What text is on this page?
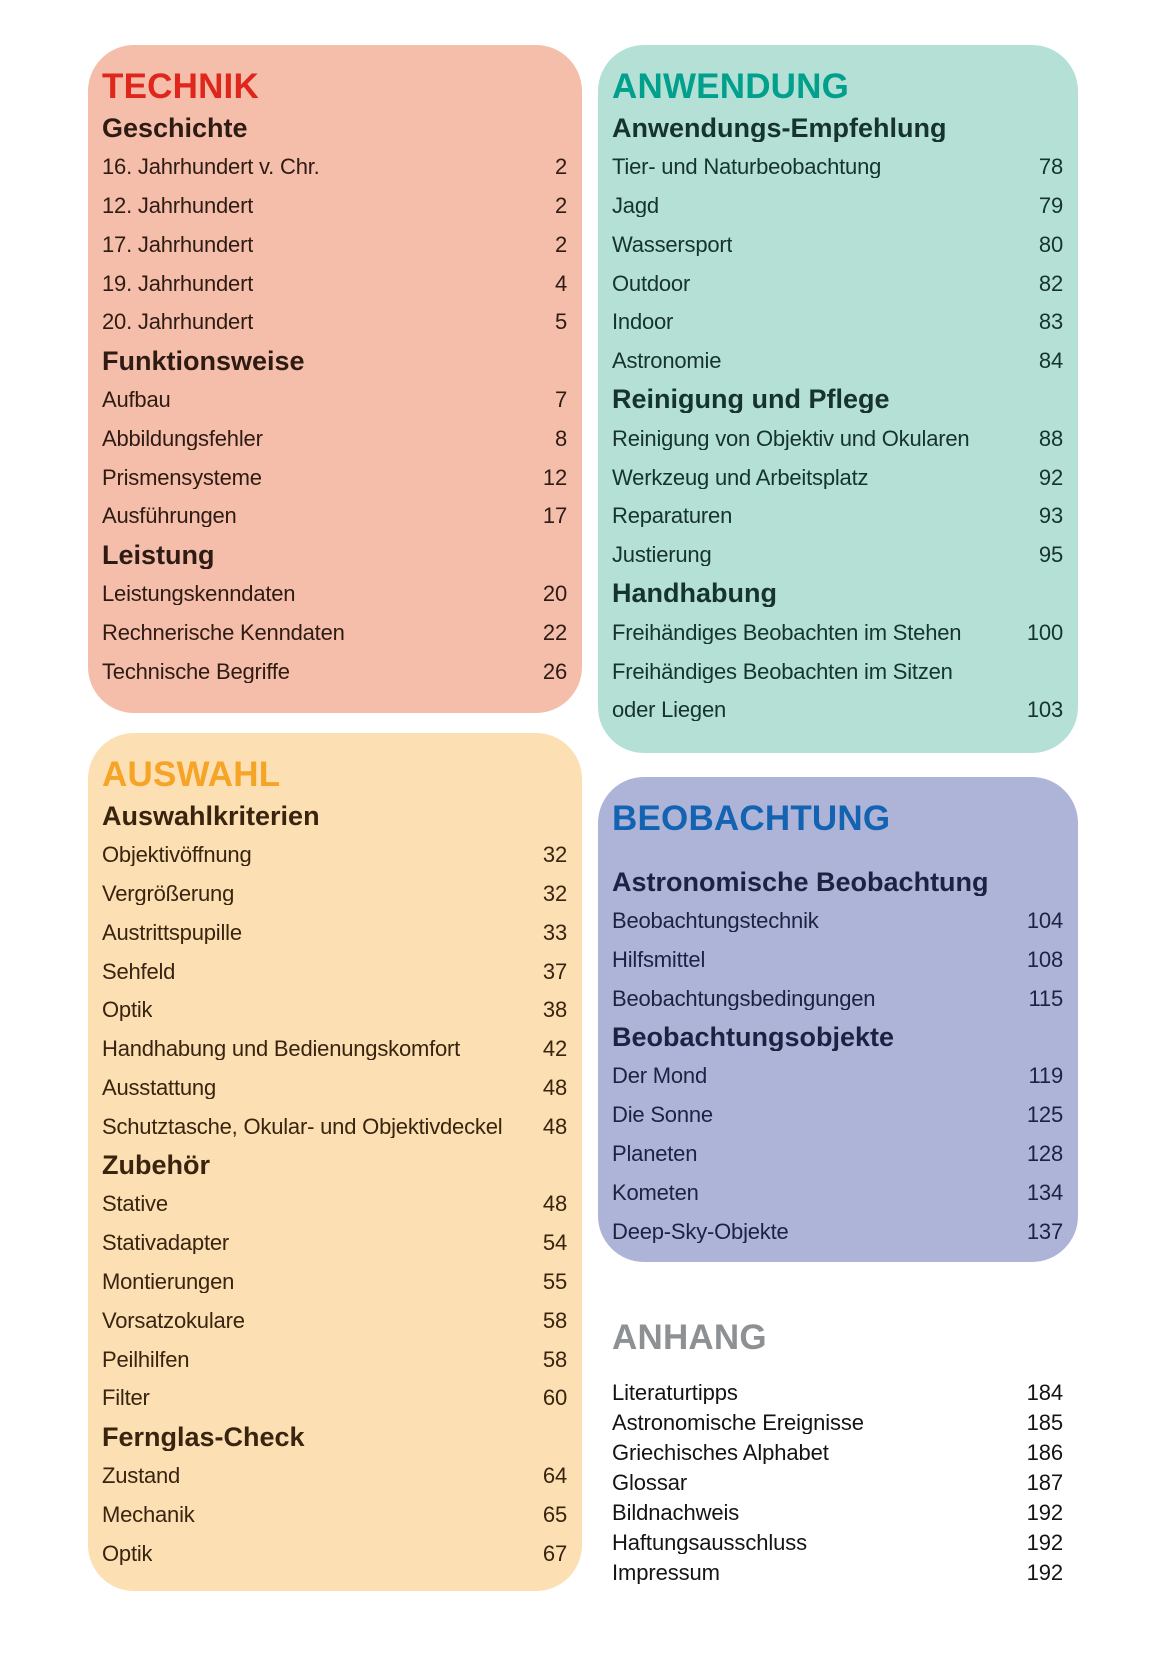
TECHNIK
Geschichte
16. Jahrhundert v. Chr.	2
12. Jahrhundert	2
17. Jahrhundert	2
19. Jahrhundert	4
20. Jahrhundert	5
Funktionsweise
Aufbau	7
Abbildungsfehler	8
Prismensysteme	12
Ausführungen	17
Leistung
Leistungskenndaten	20
Rechnerische Kenndaten	22
Technische Begriffe	26
ANWENDUNG
Anwendungs-Empfehlung
Tier- und Naturbeobachtung	78
Jagd	79
Wassersport	80
Outdoor	82
Indoor	83
Astronomie	84
Reinigung und Pflege
Reinigung von Objektiv und Okularen	88
Werkzeug und Arbeitsplatz	92
Reparaturen	93
Justierung	95
Handhabung
Freihändiges Beobachten im Stehen	100
Freihändiges Beobachten im Sitzen
oder Liegen	103
AUSWAHL
Auswahlkriterien
Objektivöffnung	32
Vergrößerung	32
Austrittspupille	33
Sehfeld	37
Optik	38
Handhabung und Bedienungskomfort	42
Ausstattung	48
Schutztasche, Okular- und Objektivdeckel 48
Zubehör
Stative	48
Stativadapter	54
Montierungen	55
Vorsatzokulare	58
Peilhilfen	58
Filter	60
Fernglas-Check
Zustand	64
Mechanik	65
Optik	67
BEOBACHTUNG
Astronomische Beobachtung
Beobachtungstechnik	104
Hilfsmittel	108
Beobachtungsbedingungen	115
Beobachtungsobjekte
Der Mond	119
Die Sonne	125
Planeten	128
Kometen	134
Deep-Sky-Objekte	137
ANHANG
Literaturtipps	184
Astronomische Ereignisse	185
Griechisches Alphabet	186
Glossar	187
Bildnachweis	192
Haftungsausschluss	192
Impressum	192
